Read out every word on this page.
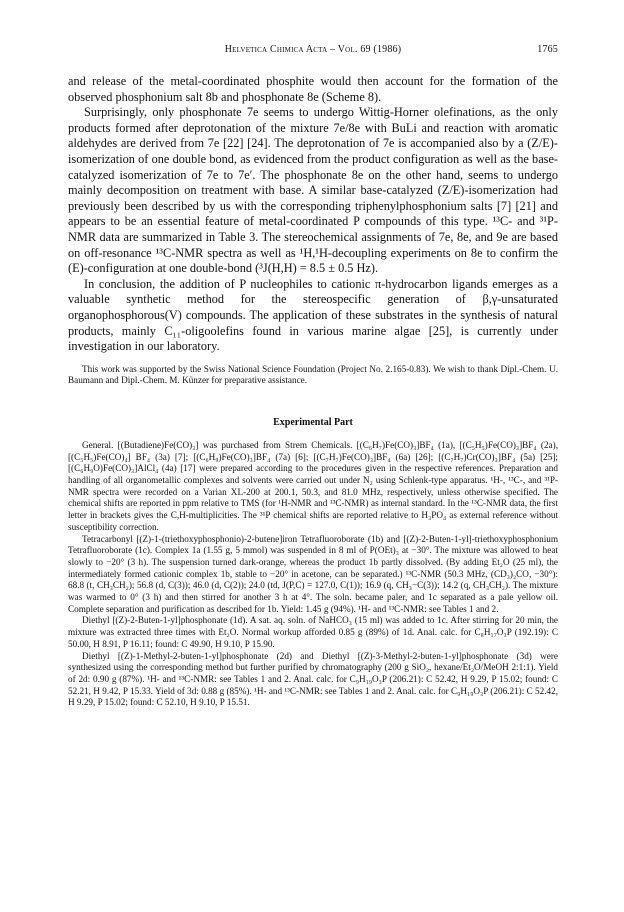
Helvetica Chimica Acta – Vol. 69 (1986)	1765

and release of the metal-coordinated phosphite would then account for the formation of the observed phosphonium salt 8b and phosphonate 8e (Scheme 8).

Surprisingly, only phosphonate 7e seems to undergo Wittig-Horner olefinations, as the only products formed after deprotonation of the mixture 7e/8e with BuLi and reaction with aromatic aldehydes are derived from 7e [22] [24]. The deprotonation of 7e is accompanied also by a (Z/E)-isomerization of one double bond, as evidenced from the product configuration as well as the base-catalyzed isomerization of 7e to 7e′. The phosphonate 8e on the other hand, seems to undergo mainly decomposition on treatment with base. A similar base-catalyzed (Z/E)-isomerization had previously been described by us with the corresponding triphenylphosphonium salts [7] [21] and appears to be an essential feature of metal-coordinated P compounds of this type. ¹³C- and ³¹P-NMR data are summarized in Table 3. The stereochemical assignments of 7e, 8e, and 9e are based on off-resonance ¹³C-NMR spectra as well as ¹H,¹H-decoupling experiments on 8e to confirm the (E)-configuration at one double-bond (³J(H,H) = 8.5 ± 0.5 Hz).

In conclusion, the addition of P nucleophiles to cationic π-hydrocarbon ligands emerges as a valuable synthetic method for the stereospecific generation of β,γ-unsaturated organophosphorous(V) compounds. The application of these substrates in the synthesis of natural products, mainly C₁₁-oligoolefins found in various marine algae [25], is currently under investigation in our laboratory.

This work was supported by the Swiss National Science Foundation (Project No. 2.165-0.83). We wish to thank Dipl.-Chem. U. Baumann and Dipl.-Chem. M. Künzer for preparative assistance.

Experimental Part

General. [(Butadiene)Fe(CO)₃] was purchased from Strem Chemicals. [(C₆H₇)Fe(CO)₃]BF₄ (1a), [(C₅H₅)Fe(CO)₃]BF₄ (2a), [(C₅H₅)Fe(CO)₄] BF₄ (3a) [7]; [(C₆H₉)Fe(CO)₃]BF₄ (7a) [6]; [(C₇H₇)Fe(CO)₃]BF₄ (6a) [26]; [(C₇H₇)Cr(CO)₃]BF₄ (5a) [25]; [(C₆H₉O)Fe(CO)₃]AlCl₄ (4a) [17] were prepared according to the procedures given in the respective references. Preparation and handling of all organometallic complexes and solvents were carried out under N₂ using Schlenk-type apparatus. ¹H-, ¹³C-, and ³¹P-NMR spectra were recorded on a Varian XL-200 at 200.1, 50.3, and 81.0 MHz, respectively, unless otherwise specified. The chemical shifts are reported in ppm relative to TMS (for ¹H-NMR and ¹³C-NMR) as internal standard. In the ¹³C-NMR data, the first letter in brackets gives the C,H-multiplicities. The ³¹P chemical shifts are reported relative to H₃PO₄ as external reference without susceptibility correction.

Tetracarbonyl [(Z)-1-(triethoxyphosphonio)-2-butene]iron Tetrafluoroborate (1b) and [(Z)-2-Buten-1-yl]-triethoxyphosphonium Tetrafluoroborate (1c). Complex 1a (1.55 g, 5 mmol) was suspended in 8 ml of P(OEt)₃ at −30°. The mixture was allowed to heat slowly to −20° (3 h). The suspension turned dark-orange, whereas the product 1b partly dissolved. (By adding Et₂O (25 ml), the intermediately formed cationic complex 1b, stable to −20° in acetone, can be separated.) ¹³C-NMR (50.3 MHz, (CD₃)₂CO, −30°): 68.8 (t, CH₃CH₂); 56.8 (d, C(3)); 46.0 (d, C(2)); 24.0 (td, J(P,C) = 127.0, C(1)); 16.9 (q, CH₃−C(3)); 14.2 (q, CH₃CH₂). The mixture was warmed to 0° (3 h) and then stirred for another 3 h at 4°. The soln. became paler, and 1c separated as a pale yellow oil. Complete separation and purification as described for 1b. Yield: 1.45 g (94%). ¹H- and ¹³C-NMR: see Tables 1 and 2.

Diethyl [(Z)-2-Buten-1-yl]phosphonate (1d). A sat. aq. soln. of NaHCO₃ (15 ml) was added to 1c. After stirring for 20 min, the mixture was extracted three times with Et₂O. Normal workup afforded 0.85 g (89%) of 1d. Anal. calc. for C₈H₁₇O₃P (192.19): C 50.00, H 8.91, P 16.11; found: C 49.90, H 9.10, P 15.90.

Diethyl [(Z)-1-Methyl-2-buten-1-yl]phosphonate (2d) and Diethyl [(Z)-3-Methyl-2-buten-1-yl]phosphonate (3d) were synthesized using the corresponding method but further purified by chromatography (200 g SiO₂, hexane/Et₂O/MeOH 2:1:1). Yield of 2d: 0.90 g (87%). ¹H- and ¹³C-NMR: see Tables 1 and 2. Anal. calc. for C₉H₁₉O₃P (206.21): C 52.42, H 9.29, P 15.02; found: C 52.21, H 9.42, P 15.33. Yield of 3d: 0.88 g (85%). ¹H- and ¹³C-NMR: see Tables 1 and 2. Anal. calc. for C₉H₁₉O₃P (206.21): C 52.42, H 9.29, P 15.02; found: C 52.10, H 9.10, P 15.51.
